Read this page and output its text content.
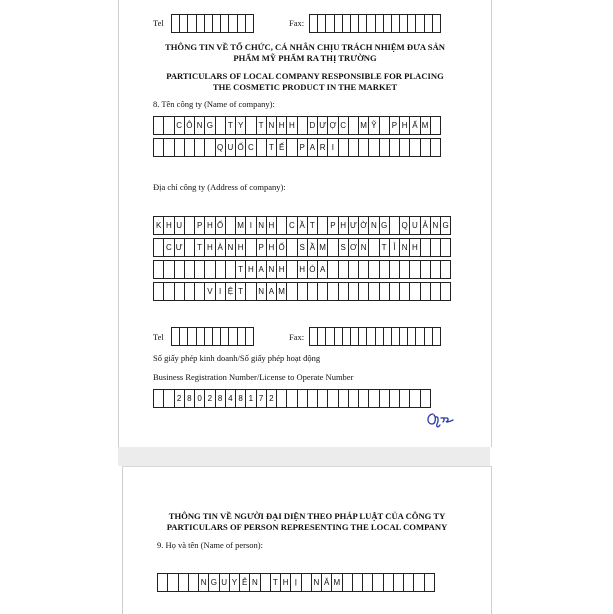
Tel	Fax:
THÔNG TIN VỀ TỔ CHỨC, CÁ NHÂN CHỊU TRÁCH NHIỆM ĐƯA SẢN
PHẨM MỸ PHẨM RA THỊ TRƯỜNG
PARTICULARS OF LOCAL COMPANY RESPONSIBLE FOR PLACING
THE COSMETIC PRODUCT IN THE MARKET
8. Tên công ty (Name of company):
C Ô N G	T Y	T N H H	D Ư Ợ C	M Ỹ	P H Ẩ M
Q U Ố C	T Ế	P A R I
Địa chỉ công ty (Address of company):
K H U	P H Ố	M I N H	C Ầ T	P H Ư Ờ N G	Q U Ả N G
C Ư	T H À N H	P H Ố	S Ầ M	S Ơ N	T Ỉ N H
T H A N H	H Ó A
V I Ệ T	N A M
Tel	Fax:
Số giấy phép kinh doanh/Số giấy phép hoạt động
Business Registration Number/License to Operate Number
2 8 0 2 8 4 8 1 7 2
THÔNG TIN VỀ NGƯỜI ĐẠI DIỆN THEO PHÁP LUẬT CỦA CÔNG TY
PARTICULARS OF PERSON REPRESENTING THE LOCAL COMPANY
9. Họ và tên (Name of person):
N G U Y Ễ N	T H Ị	N Ă M
